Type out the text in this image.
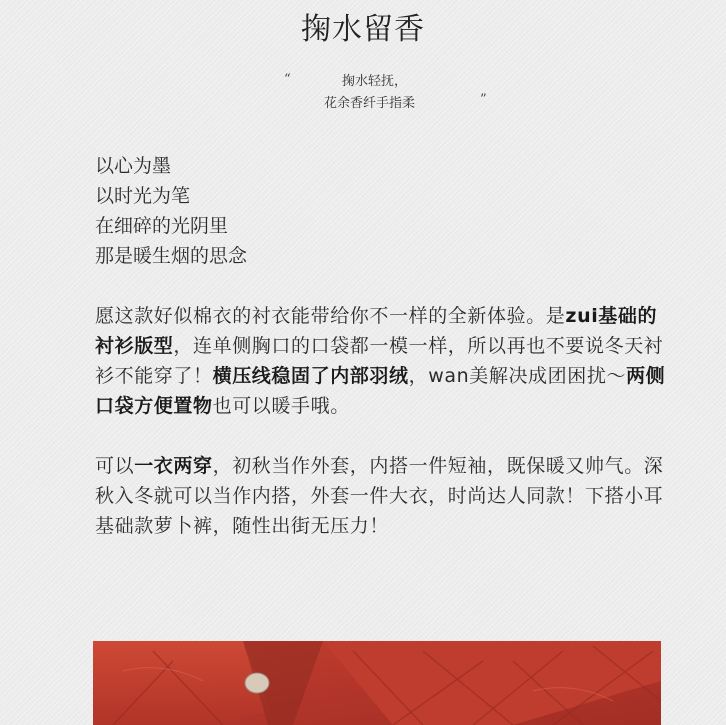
掬水留香
“	掬水轻抚，
花余香纤手指柔	”
以心为墨
以时光为笔
在细碎的光阴里
那是暖生烟的思念
愿这款好似棉衣的衬衣能带给你不一样的全新体验。是zui基础的衬衫版型，连单侧胸口的口袋都一模一样，所以再也不要说冬天衬衫不能穿了！横压线稳固了内部羽绒，wan美解决成团困扰～两侧口袋方便置物也可以暖手哦。
可以一衣两穿，初秋当作外套，内搭一件短袖，既保暖又帅气。深秋入冬就可以当作内搭，外套一件大衣，时尚达人同款！下搭小耳基础款萝卜裤，随性出街无压力！
